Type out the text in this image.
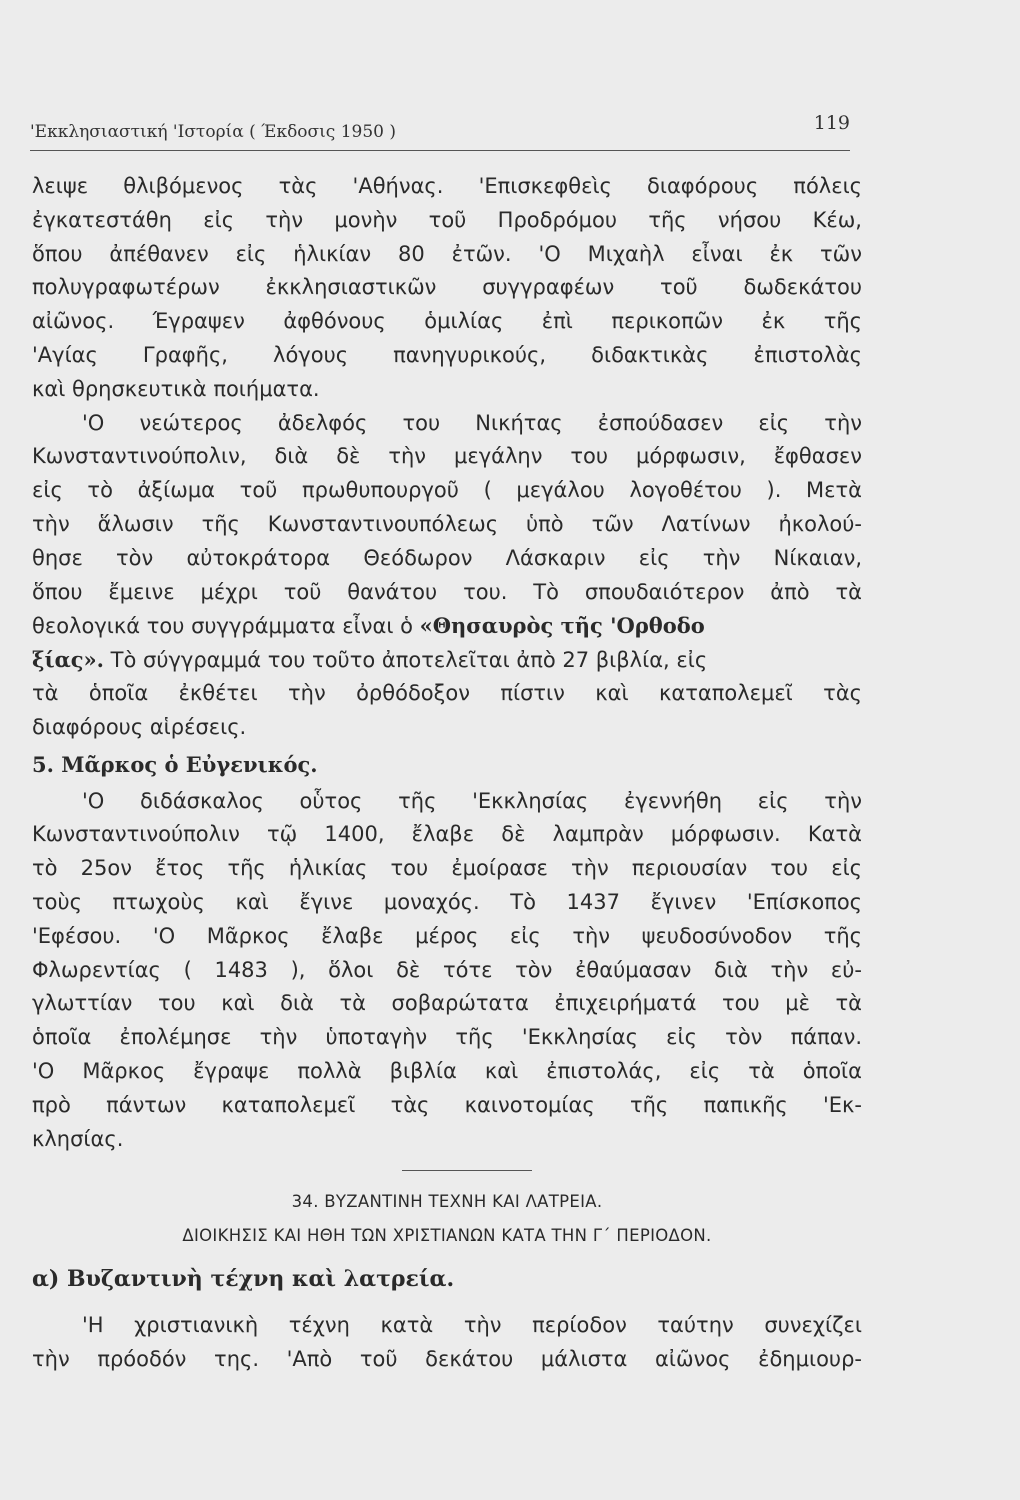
'Εκκλησιαστική 'Ιστορία ( Έκδοσις 1950 )	119
λειψε θλιβόμενος τὰς 'Αθήνας. 'Επισκεφθεὶς διαφόρους πόλεις
ἐγκατεστάθη εἰς τὴν μονὴν τοῦ Προδρόμου τῆς νήσου Κέω,
ὅπου ἀπέθανεν εἰς ἡλικίαν 80 ἐτῶν. 'Ο Μιχαὴλ εἶναι ἐκ τῶν
πολυγραφωτέρων ἐκκλησιαστικῶν συγγραφέων τοῦ δωδεκάτου
αἰῶνος. Έγραψεν ἀφθόνους ὁμιλίας ἐπὶ περικοπῶν ἐκ τῆς
'Αγίας Γραφῆς, λόγους πανηγυρικούς, διδακτικὰς ἐπιστολὰς
καὶ θρησκευτικὰ ποιήματα.
'Ο νεώτερος ἀδελφός του Νικήτας ἐσπούδασεν εἰς τὴν
Κωνσταντινούπολιν, διὰ δὲ τὴν μεγάλην του μόρφωσιν, ἔφθασεν
εἰς τὸ ἀξίωμα τοῦ πρωθυπουργοῦ ( μεγάλου λογοθέτου ). Μετὰ
τὴν ἅλωσιν τῆς Κωνσταντινουπόλεως ὑπὸ τῶν Λατίνων ἠκολού-
θησε τὸν αὐτοκράτορα Θεόδωρον Λάσκαριν εἰς τὴν Νίκαιαν,
ὅπου ἔμεινε μέχρι τοῦ θανάτου του. Τὸ σπουδαιότερον ἀπὸ τὰ
θεολογικά του συγγράμματα εἶναι ὁ «Θησαυρὸς τῆς 'Ορθοδο
ξίας». Τὸ σύγγραμμά του τοῦτο ἀποτελεῖται ἀπὸ 27 βιβλία, εἰς
τὰ ὁποῖα ἐκθέτει τὴν ὀρθόδοξον πίστιν καὶ καταπολεμεῖ τὰς
διαφόρους αἱρέσεις.
5. Μᾶρκος ὁ Εὐγενικός.
'Ο διδάσκαλος οὗτος τῆς 'Εκκλησίας ἐγεννήθη εἰς τὴν
Κωνσταντινούπολιν τῷ 1400, ἔλαβε δὲ λαμπρὰν μόρφωσιν. Κατὰ
τὸ 25ον ἔτος τῆς ἡλικίας του ἐμοίρασε τὴν περιουσίαν του εἰς
τοὺς πτωχοὺς καὶ ἔγινε μοναχός. Τὸ 1437 ἔγινεν 'Επίσκοπος
'Εφέσου. 'Ο Μᾶρκος ἔλαβε μέρος εἰς τὴν ψευδοσύνοδον τῆς
Φλωρεντίας ( 1483 ), ὅλοι δὲ τότε τὸν ἐθαύμασαν διὰ τὴν εὐ-
γλωττίαν του καὶ διὰ τὰ σοβαρώτατα ἐπιχειρήματά του μὲ τὰ
ὁποῖα ἐπολέμησε τὴν ὑποταγὴν τῆς 'Εκκλησίας εἰς τὸν πάπαν.
'Ο Μᾶρκος ἔγραψε πολλὰ βιβλία καὶ ἐπιστολάς, εἰς τὰ ὁποῖα
πρὸ πάντων καταπολεμεῖ τὰς καινοτομίας τῆς παπικῆς 'Εκ-
κλησίας.
34. ΒΥΖΑΝΤΙΝΗ ΤΕΧΝΗ ΚΑΙ ΛΑΤΡΕΙΑ.
ΔΙΟΙΚΗΣΙΣ ΚΑΙ ΗΘΗ ΤΩΝ ΧΡΙΣΤΙΑΝΩΝ ΚΑΤΑ ΤΗΝ Γ΄ ΠΕΡΙΟΔΟΝ.
α) Βυζαντινὴ τέχνη καὶ λατρεία.
'Η χριστιανικὴ τέχνη κατὰ τὴν περίοδον ταύτην συνεχίζει
τὴν πρόοδόν της. 'Απὸ τοῦ δεκάτου μάλιστα αἰῶνος ἐδημιουρ-
